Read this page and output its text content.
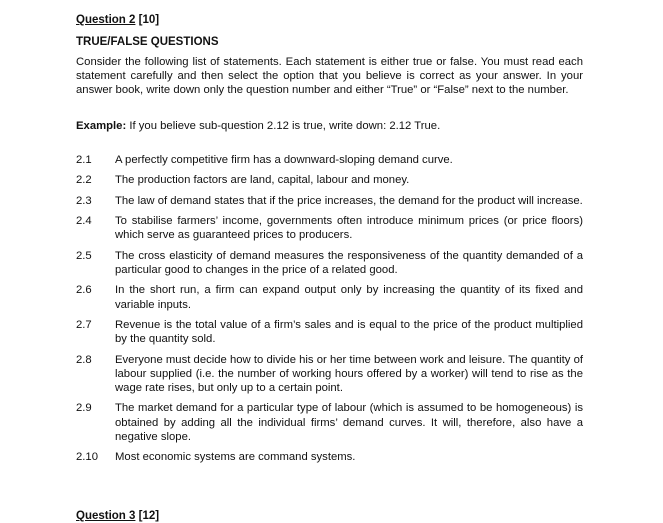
Question 2 [10]
TRUE/FALSE QUESTIONS

Consider the following list of statements. Each statement is either true or false. You must read each statement carefully and then select the option that you believe is correct as your answer. In your answer book, write down only the question number and either “True” or “False” next to the number.

Example: If you believe sub-question 2.12 is true, write down: 2.12 True.

2.1	A perfectly competitive firm has a downward-sloping demand curve.
2.2	The production factors are land, capital, labour and money.
2.3	The law of demand states that if the price increases, the demand for the product will increase.
2.4	To stabilise farmers’ income, governments often introduce minimum prices (or price floors) which serve as guaranteed prices to producers.
2.5	The cross elasticity of demand measures the responsiveness of the quantity demanded of a particular good to changes in the price of a related good.
2.6	In the short run, a firm can expand output only by increasing the quantity of its fixed and variable inputs.
2.7	Revenue is the total value of a firm’s sales and is equal to the price of the product multiplied by the quantity sold.
2.8	Everyone must decide how to divide his or her time between work and leisure. The quantity of labour supplied (i.e. the number of working hours offered by a worker) will tend to rise as the wage rate rises, but only up to a certain point.
2.9	The market demand for a particular type of labour (which is assumed to be homogeneous) is obtained by adding all the individual firms’ demand curves. It will, therefore, also have a negative slope.
2.10	Most economic systems are command systems.
Question 3 [12]
